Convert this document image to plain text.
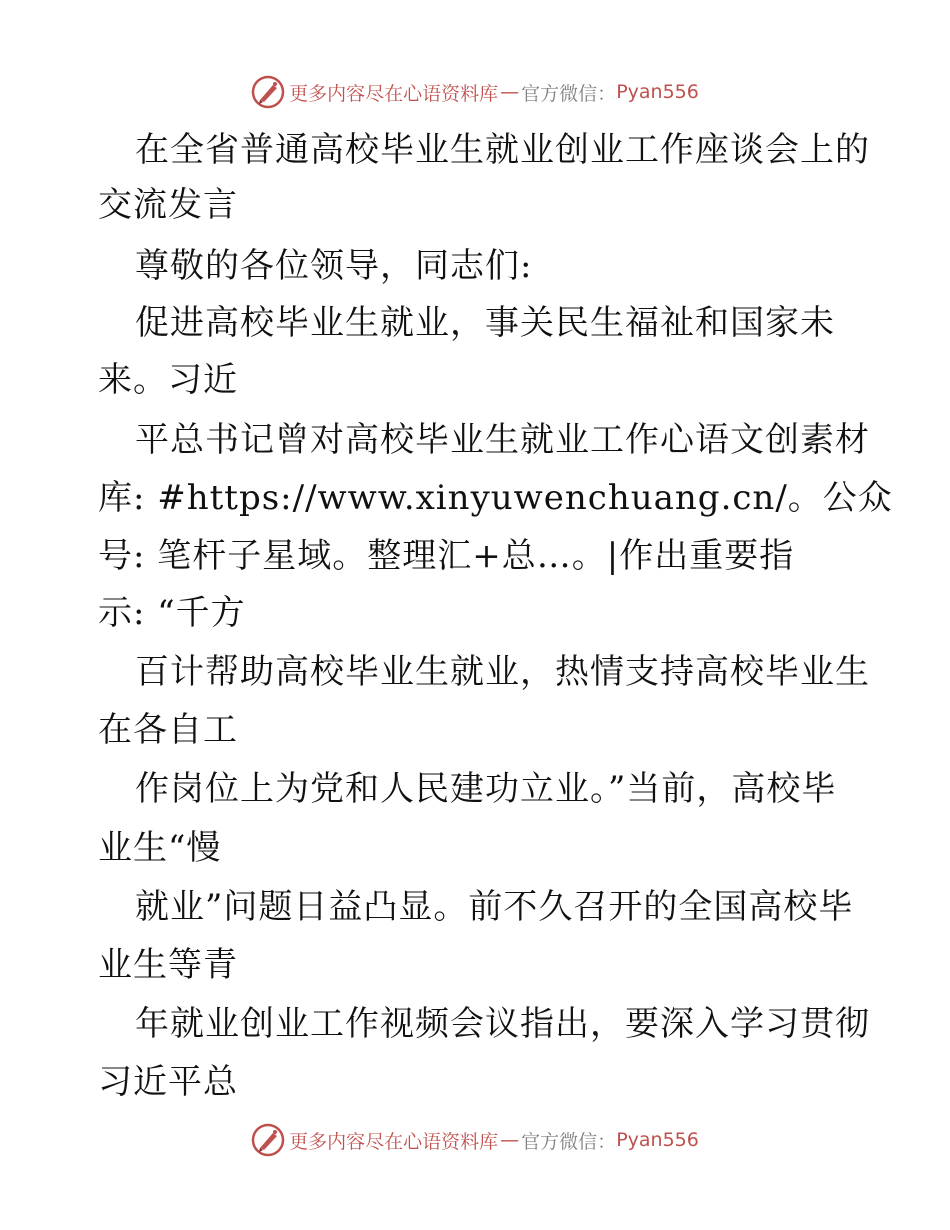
更多内容尽在心语资料库 — 官方微信： Pyan556
在全省普通高校毕业生就业创业工作座谈会上的
交流发言
尊敬的各位领导，同志们:
促进高校毕业生就业，事关民生福祉和国家未
来。习近
平总书记曾对高校毕业生就业工作心语文创素材
库: #https://www.xinyuwenchuang.cn/。公众
号: 笔杆子星域。整理汇+总…。|作出重要指
示: “千方
百计帮助高校毕业生就业，热情支持高校毕业生
在各自工
作岗位上为党和人民建功立业。”当前，高校毕
业生“慢
就业”问题日益凸显。前不久召开的全国高校毕
业生等青
年就业创业工作视频会议指出，要深入学习贯彻
习近平总
更多内容尽在心语资料库 — 官方微信： Pyan556
